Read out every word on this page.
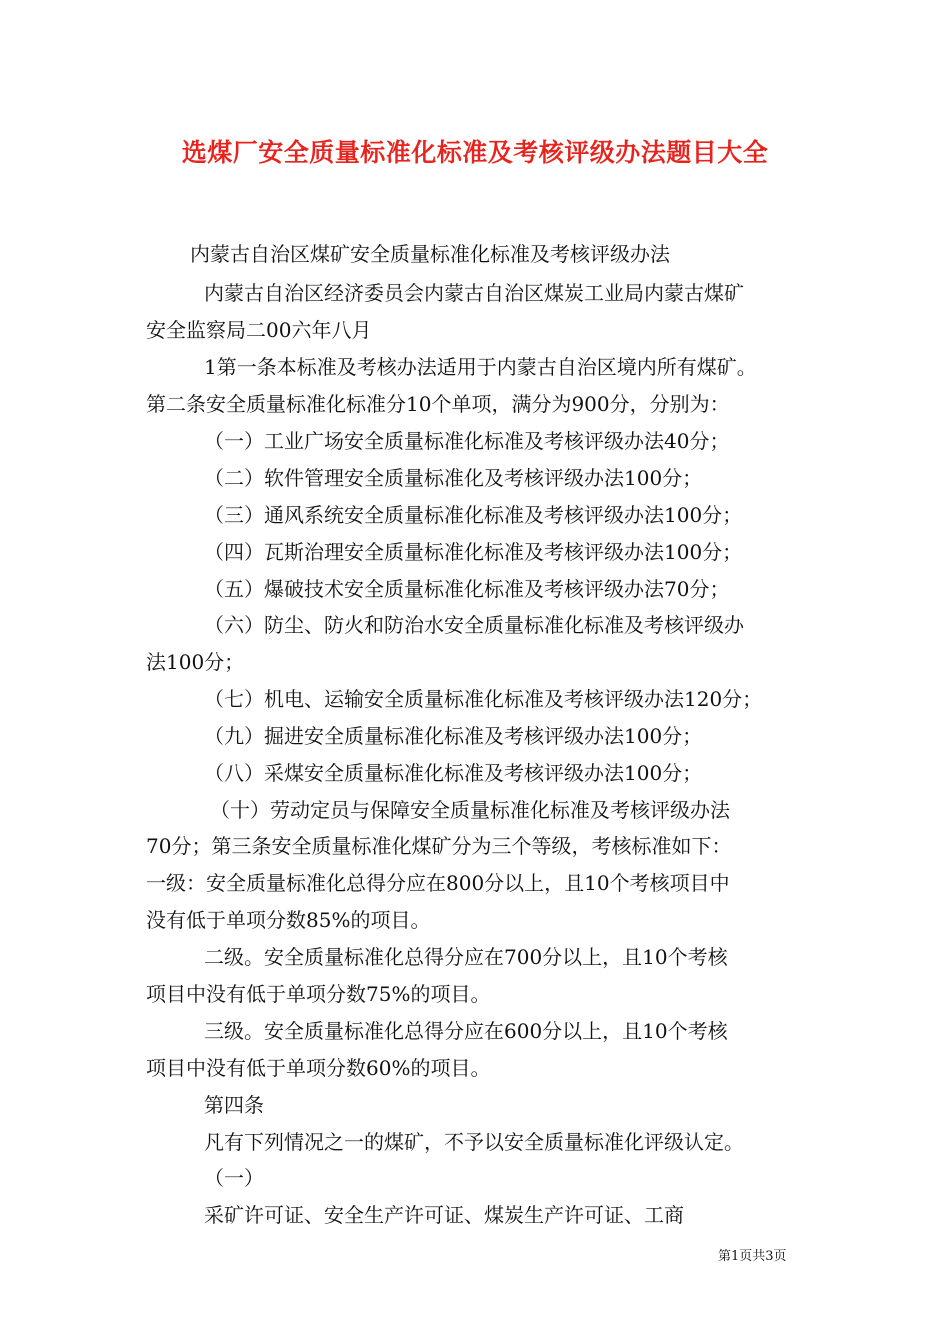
选煤厂安全质量标准化标准及考核评级办法题目大全
内蒙古自治区煤矿安全质量标准化标准及考核评级办法
内蒙古自治区经济委员会内蒙古自治区煤炭工业局内蒙古煤矿
安全监察局二00六年八月
1第一条本标准及考核办法适用于内蒙古自治区境内所有煤矿。
第二条安全质量标准化标准分10个单项，满分为900分，分别为：
（一）工业广场安全质量标准化标准及考核评级办法40分；
（二）软件管理安全质量标准化及考核评级办法100分；
（三）通风系统安全质量标准化标准及考核评级办法100分；
（四）瓦斯治理安全质量标准化标准及考核评级办法100分；
（五）爆破技术安全质量标准化标准及考核评级办法70分；
（六）防尘、防火和防治水安全质量标准化标准及考核评级办
法100分；
（七）机电、运输安全质量标准化标准及考核评级办法120分；
（九）掘进安全质量标准化标准及考核评级办法100分；
（八）采煤安全质量标准化标准及考核评级办法100分；
（十）劳动定员与保障安全质量标准化标准及考核评级办法
70分；第三条安全质量标准化煤矿分为三个等级，考核标准如下：
一级：安全质量标准化总得分应在800分以上，且10个考核项目中
没有低于单项分数85%的项目。
二级。安全质量标准化总得分应在700分以上，且10个考核
项目中没有低于单项分数75%的项目。
三级。安全质量标准化总得分应在600分以上，且10个考核
项目中没有低于单项分数60%的项目。
第四条
凡有下列情况之一的煤矿，不予以安全质量标准化评级认定。
（一）
采矿许可证、安全生产许可证、煤炭生产许可证、工商
第1页共3页
